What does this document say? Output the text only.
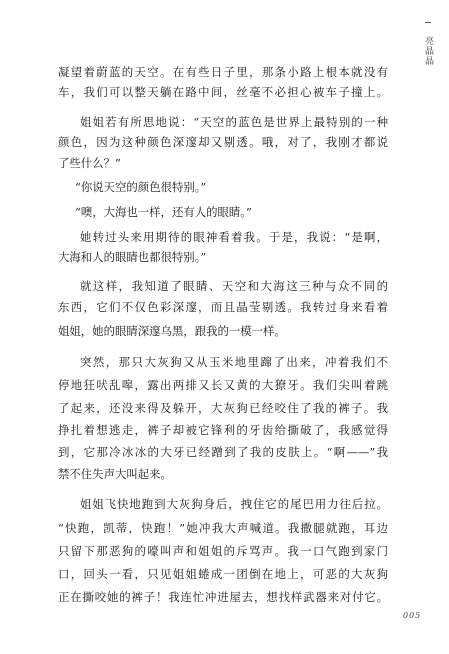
亮晶晶
凝望着蔚蓝的天空。在有些日子里，那条小路上根本就没有
车，我们可以整天躺在路中间，丝毫不必担心被车子撞上。
姐姐若有所思地说：“天空的蓝色是世界上最特别的一种
颜色，因为这种颜色深邃却又剔透。哦，对了，我刚才都说
了些什么？”
“你说天空的颜色很特别。”
“噢，大海也一样，还有人的眼睛。”
她转过头来用期待的眼神看着我。于是，我说：“是啊，
大海和人的眼睛也都很特别。”
就这样，我知道了眼睛、天空和大海这三种与众不同的
东西，它们不仅色彩深邃，而且晶莹剔透。我转过身来看着
姐姐，她的眼睛深邃乌黑，跟我的一模一样。
突然，那只大灰狗又从玉米地里蹿了出来，冲着我们不
停地狂吠乱嗥，露出两排又长又黄的大獠牙。我们尖叫着跳
了起来，还没来得及躲开，大灰狗已经咬住了我的裤子。我
挣扎着想逃走，裤子却被它锋利的牙齿给撕破了，我感觉得
到，它那冷冰冰的大牙已经蹭到了我的皮肤上。“啊——”我
禁不住失声大叫起来。
姐姐飞快地跑到大灰狗身后，拽住它的尾巴用力往后拉。
“快跑，凯蒂，快跑！”她冲我大声喊道。我撒腿就跑，耳边
只留下那恶狗的嚎叫声和姐姐的斥骂声。我一口气跑到家门
口，回头一看，只见姐姐蜷成一团倒在地上，可恶的大灰狗
正在撕咬她的裤子！我连忙冲进屋去，想找样武器来对付它。
005
